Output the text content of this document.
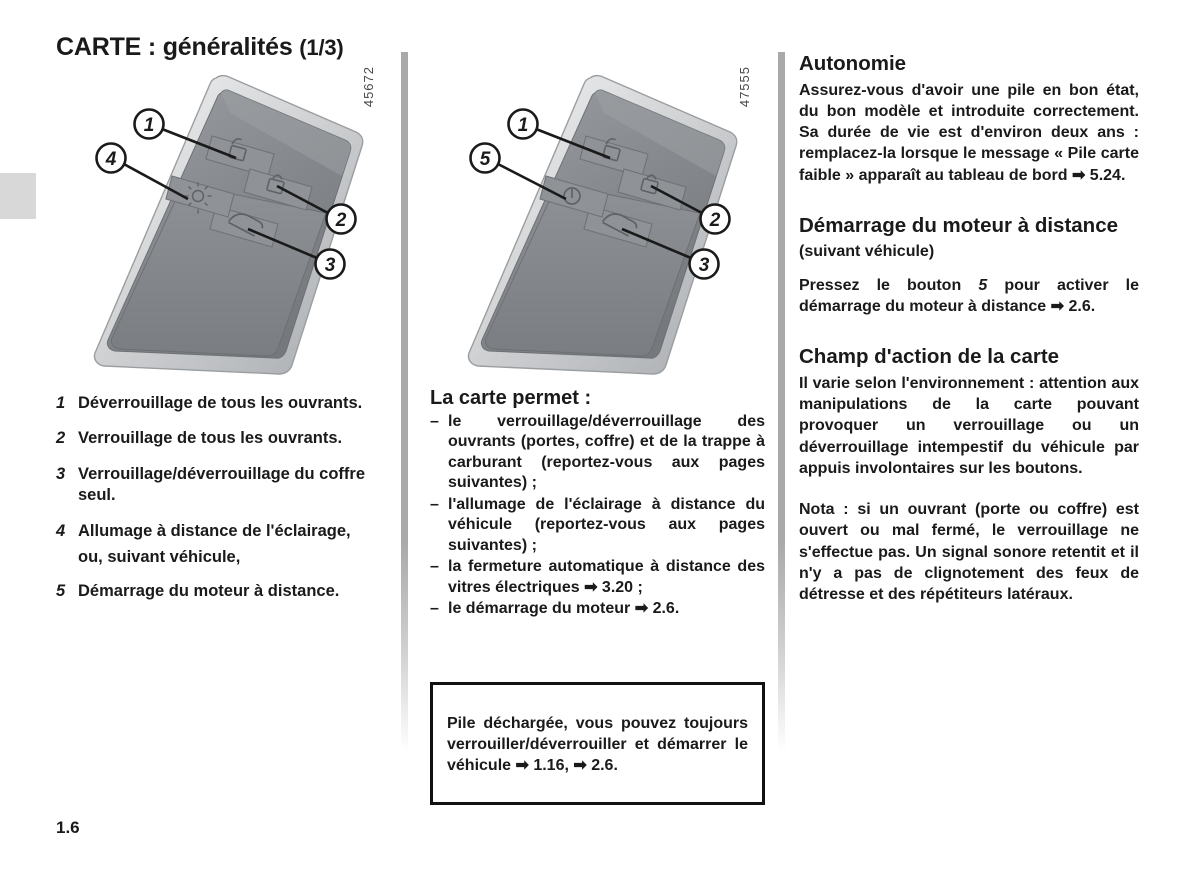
CARTE : généralités (1/3)
1
4
2
3
45672
1 Déverrouillage de tous les ouvrants.
2 Verrouillage de tous les ouvrants.
3 Verrouillage/déverrouillage du coffre seul.
4 Allumage à distance de l'éclairage,
ou, suivant véhicule,
5 Démarrage du moteur à distance.
1
5
2
3
47555
La carte permet :
– le verrouillage/déverrouillage des ouvrants (portes, coffre) et de la trappe à carburant (reportez-vous aux pages suivantes) ;
– l'allumage de l'éclairage à distance du véhicule (reportez-vous aux pages suivantes) ;
– la fermeture automatique à distance des vitres électriques ➡ 3.20 ;
– le démarrage du moteur ➡ 2.6.
Pile déchargée, vous pouvez toujours verrouiller/déverrouiller et démarrer le véhicule ➡ 1.16, ➡ 2.6.
Autonomie

Assurez-vous d'avoir une pile en bon état, du bon modèle et introduite correctement. Sa durée de vie est d'environ deux ans : remplacez-la lorsque le message « Pile carte faible » apparaît au tableau de bord ➡ 5.24.

Démarrage du moteur à distance

(suivant véhicule)

Pressez le bouton 5 pour activer le démarrage du moteur à distance ➡ 2.6.

Champ d'action de la carte

Il varie selon l'environnement : attention aux manipulations de la carte pouvant provoquer un verrouillage ou un déverrouillage intempestif du véhicule par appuis involontaires sur les boutons.

Nota : si un ouvrant (porte ou coffre) est ouvert ou mal fermé, le verrouillage ne s'effectue pas. Un signal sonore retentit et il n'y a pas de clignotement des feux de détresse et des répétiteurs latéraux.

1.6
